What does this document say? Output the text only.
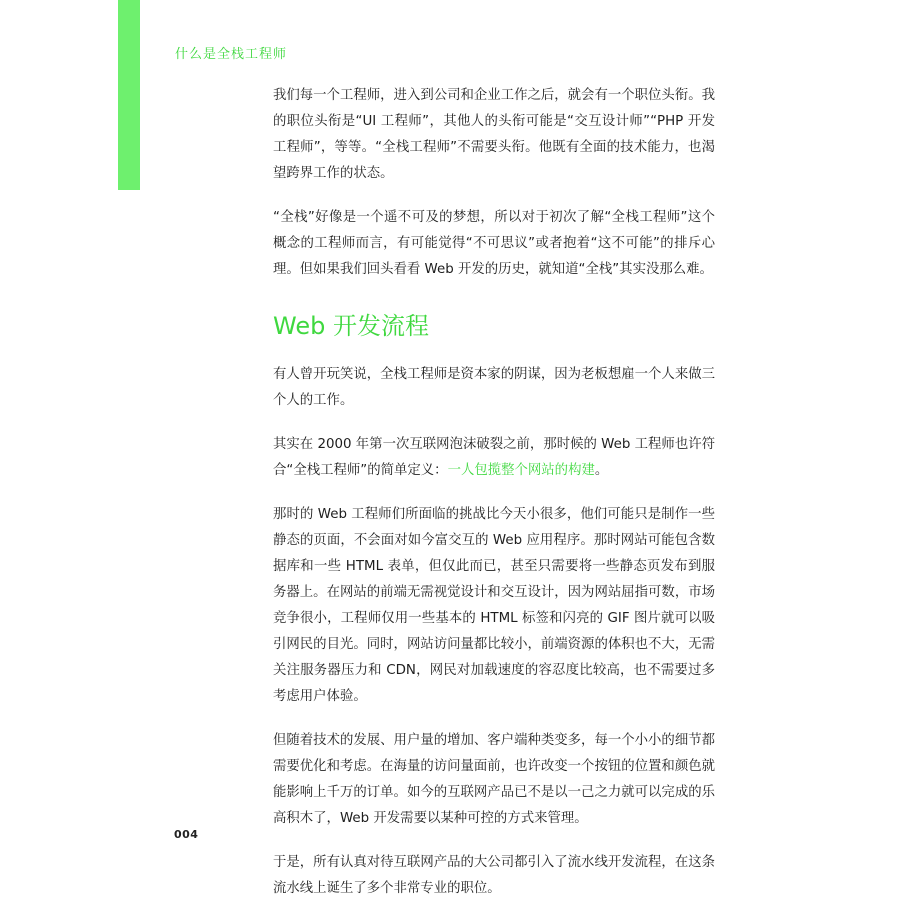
什么是全栈工程师

我们每一个工程师，进入到公司和企业工作之后，就会有一个职位头衔。我的职位头衔是“UI 工程师”，其他人的头衔可能是“交互设计师”“PHP 开发工程师”，等等。“全栈工程师”不需要头衔。他既有全面的技术能力，也渴望跨界工作的状态。

“全栈”好像是一个遥不可及的梦想，所以对于初次了解“全栈工程师”这个概念的工程师而言，有可能觉得“不可思议”或者抱着“这不可能”的排斥心理。但如果我们回头看看 Web 开发的历史，就知道“全栈”其实没那么难。

Web 开发流程

有人曾开玩笑说，全栈工程师是资本家的阴谋，因为老板想雇一个人来做三个人的工作。

其实在 2000 年第一次互联网泡沫破裂之前，那时候的 Web 工程师也许符合“全栈工程师”的简单定义：一人包揽整个网站的构建。

那时的 Web 工程师们所面临的挑战比今天小很多，他们可能只是制作一些静态的页面，不会面对如今富交互的 Web 应用程序。那时网站可能包含数据库和一些 HTML 表单，但仅此而已，甚至只需要将一些静态页发布到服务器上。在网站的前端无需视觉设计和交互设计，因为网站屈指可数，市场竞争很小，工程师仅用一些基本的 HTML 标签和闪亮的 GIF 图片就可以吸引网民的目光。同时，网站访问量都比较小，前端资源的体积也不大，无需关注服务器压力和 CDN，网民对加载速度的容忍度比较高，也不需要过多考虑用户体验。

但随着技术的发展、用户量的增加、客户端种类变多，每一个小小的细节都需要优化和考虑。在海量的访问量面前，也许改变一个按钮的位置和颜色就能影响上千万的订单。如今的互联网产品已不是以一己之力就可以完成的乐高积木了，Web 开发需要以某种可控的方式来管理。

于是，所有认真对待互联网产品的大公司都引入了流水线开发流程，在这条流水线上诞生了多个非常专业的职位。

004
